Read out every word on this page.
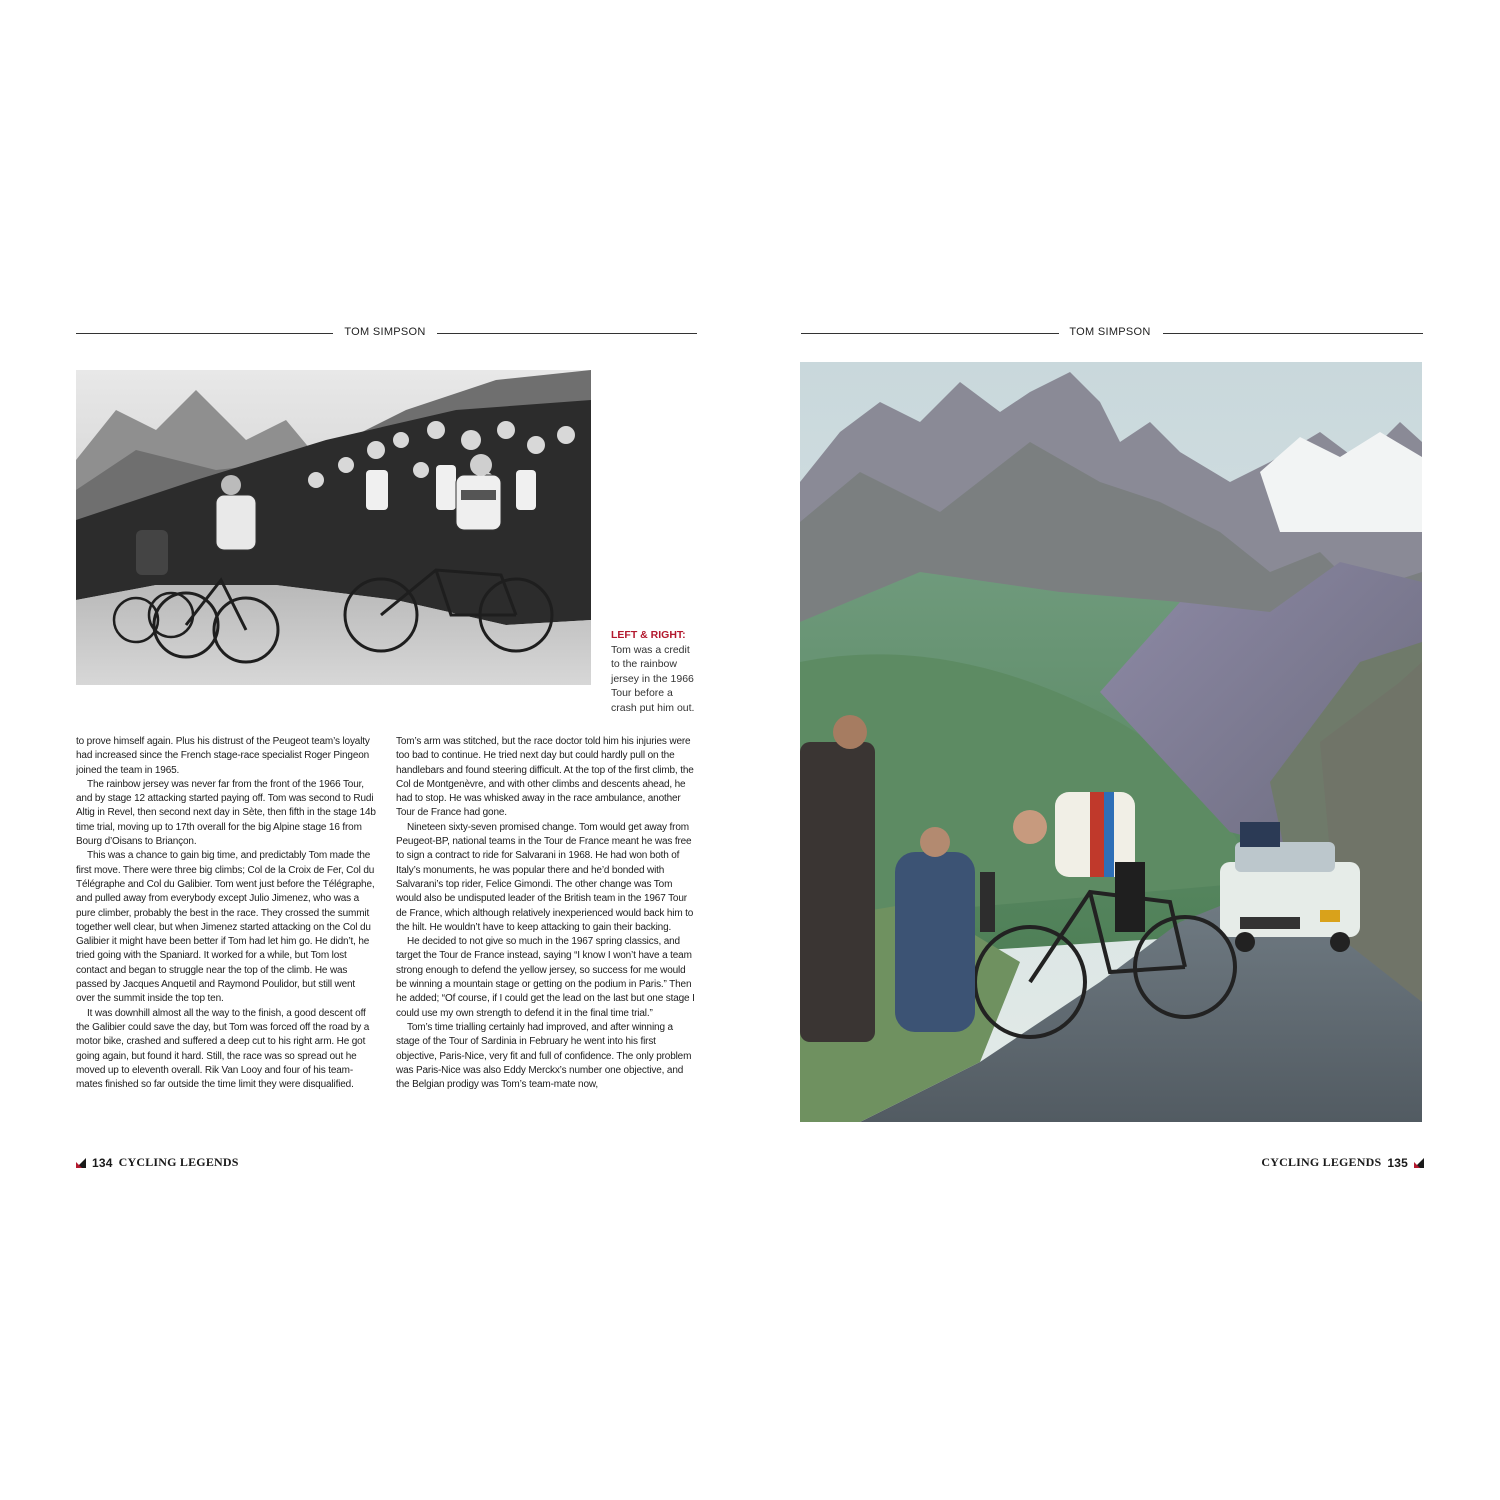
TOM SIMPSON
LEFT & RIGHT:
Tom was a credit to the rainbow jersey in the 1966 Tour before a crash put him out.

to prove himself again. Plus his distrust of the Peugeot team’s loyalty had increased since the French stage-race specialist Roger Pingeon joined the team in 1965.

The rainbow jersey was never far from the front of the 1966 Tour, and by stage 12 attacking started paying off. Tom was second to Rudi Altig in Revel, then second next day in Sète, then fifth in the stage 14b time trial, moving up to 17th overall for the big Alpine stage 16 from Bourg d’Oisans to Briançon.

This was a chance to gain big time, and predictably Tom made the first move. There were three big climbs; Col de la Croix de Fer, Col du Télégraphe and Col du Galibier. Tom went just before the Télégraphe, and pulled away from everybody except Julio Jimenez, who was a pure climber, probably the best in the race. They crossed the summit together well clear, but when Jimenez started attacking on the Col du Galibier it might have been better if Tom had let him go. He didn’t, he tried going with the Spaniard. It worked for a while, but Tom lost contact and began to struggle near the top of the climb. He was passed by Jacques Anquetil and Raymond Poulidor, but still went over the summit inside the top ten.

It was downhill almost all the way to the finish, a good descent off the Galibier could save the day, but Tom was forced off the road by a motor bike, crashed and suffered a deep cut to his right arm. He got going again, but found it hard. Still, the race was so spread out he moved up to eleventh overall. Rik Van Looy and four of his team-mates finished so far outside the time limit they were disqualified.

Tom’s arm was stitched, but the race doctor told him his injuries were too bad to continue. He tried next day but could hardly pull on the handlebars and found steering difficult. At the top of the first climb, the Col de Montgenèvre, and with other climbs and descents ahead, he had to stop. He was whisked away in the race ambulance, another Tour de France had gone.

Nineteen sixty-seven promised change. Tom would get away from Peugeot-BP, national teams in the Tour de France meant he was free to sign a contract to ride for Salvarani in 1968. He had won both of Italy’s monuments, he was popular there and he’d bonded with Salvarani’s top rider, Felice Gimondi. The other change was Tom would also be undisputed leader of the British team in the 1967 Tour de France, which although relatively inexperienced would back him to the hilt. He wouldn’t have to keep attacking to gain their backing.

He decided to not give so much in the 1967 spring classics, and target the Tour de France instead, saying “I know I won’t have a team strong enough to defend the yellow jersey, so success for me would be winning a mountain stage or getting on the podium in Paris.” Then he added; “Of course, if I could get the lead on the last but one stage I could use my own strength to defend it in the final time trial.”

Tom’s time trialling certainly had improved, and after winning a stage of the Tour of Sardinia in February he went into his first objective, Paris-Nice, very fit and full of confidence. The only problem was Paris-Nice was also Eddy Merckx’s number one objective, and the Belgian prodigy was Tom’s team-mate now,

134 CYCLING LEGENDS
TOM SIMPSON
CYCLING LEGENDS 135
